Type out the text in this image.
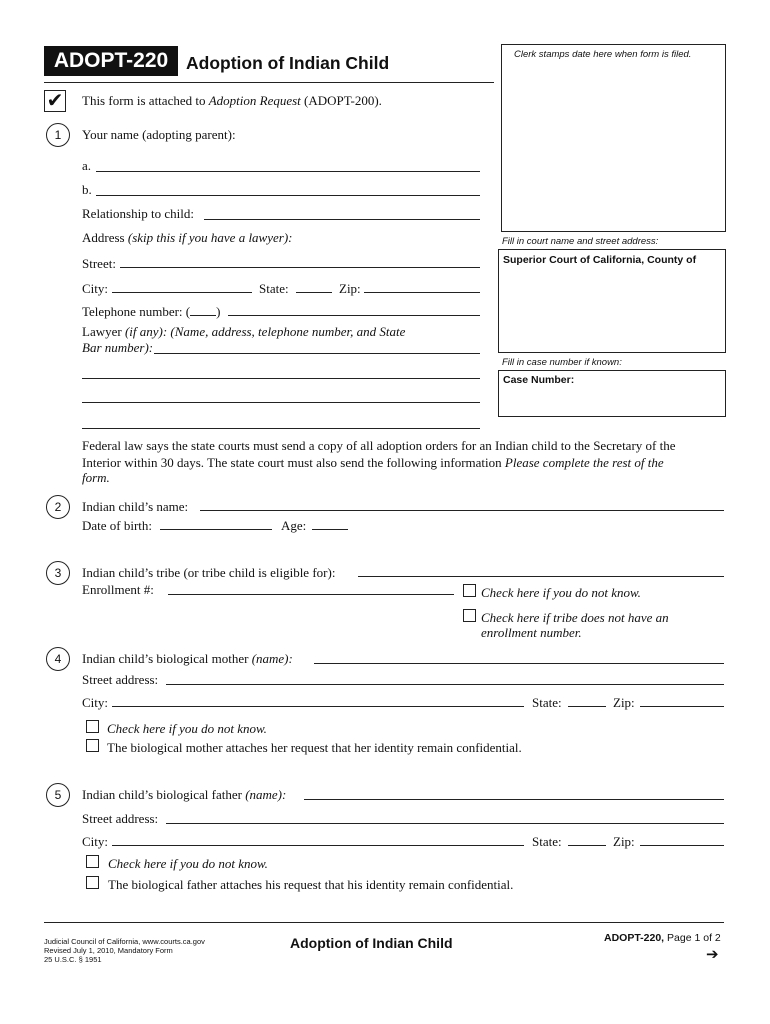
ADOPT-220	Adoption of Indian Child
✔ This form is attached to Adoption Request (ADOPT-200).
Clerk stamps date here when form is filed.
Fill in court name and street address:
Superior Court of California, County of
Fill in case number if known:
Case Number:
1	Your name (adopting parent):
a.
b.
Relationship to child:
Address (skip this if you have a lawyer):
Street:
City:	State:	Zip:
Telephone number: ( )
Lawyer (if any): (Name, address, telephone number, and State
Bar number):
Federal law says the state courts must send a copy of all adoption orders for an Indian child to the Secretary of the
Interior within 30 days. The state court must also send the following information Please complete the rest of the
form.
2	Indian child’s name:
Date of birth:	Age:
3	Indian child’s tribe (or tribe child is eligible for):
Enrollment #:	Check here if you do not know.
Check here if tribe does not have an
enrollment number.
4	Indian child’s biological mother (name):
Street address:
City:	State:	Zip:
Check here if you do not know.
The biological mother attaches her request that her identity remain confidential.
5	Indian child’s biological father (name):
Street address:
City:	State:	Zip:
Check here if you do not know.
The biological father attaches his request that his identity remain confidential.
Judicial Council of California, www.courts.ca.gov
Revised July 1, 2010, Mandatory Form
25 U.S.C. § 1951
Adoption of Indian Child	ADOPT-220, Page 1 of 2
➔
